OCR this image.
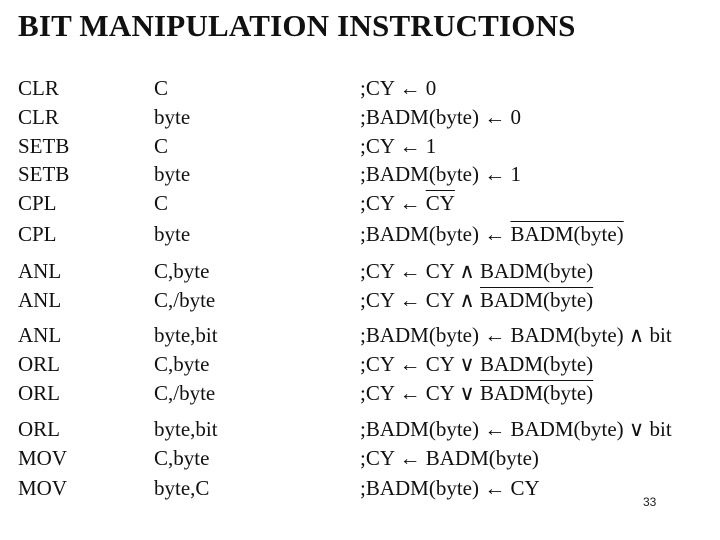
BIT MANIPULATION INSTRUCTIONS
CLR	C	;CY ← 0
CLR	byte	;BADM(byte) ← 0
SETB	C	;CY ← 1
SETB	byte	;BADM(byte) ← 1
CPL	C	;CY ← $\overline{CY}$
CPL	byte	;BADM(byte) ← BADM(byte)
ANL	C,byte	;CY ← CY ∧ BADM(byte)
ANL	C,/byte	;CY ← CY ∧ BADM(byte)
ANL	byte,bit	;BADM(byte) ← BADM(byte) ∧ bit
ORL	C,byte	;CY ← CY ∨ BADM(byte)
ORL	C,/byte	;CY ← CY ∨ BADM(byte)
ORL	byte,bit	;BADM(byte) ← BADM(byte) ∨ bit
MOV	C,byte	;CY ← BADM(byte)
MOV	byte,C	;BADM(byte) ← CY
33
